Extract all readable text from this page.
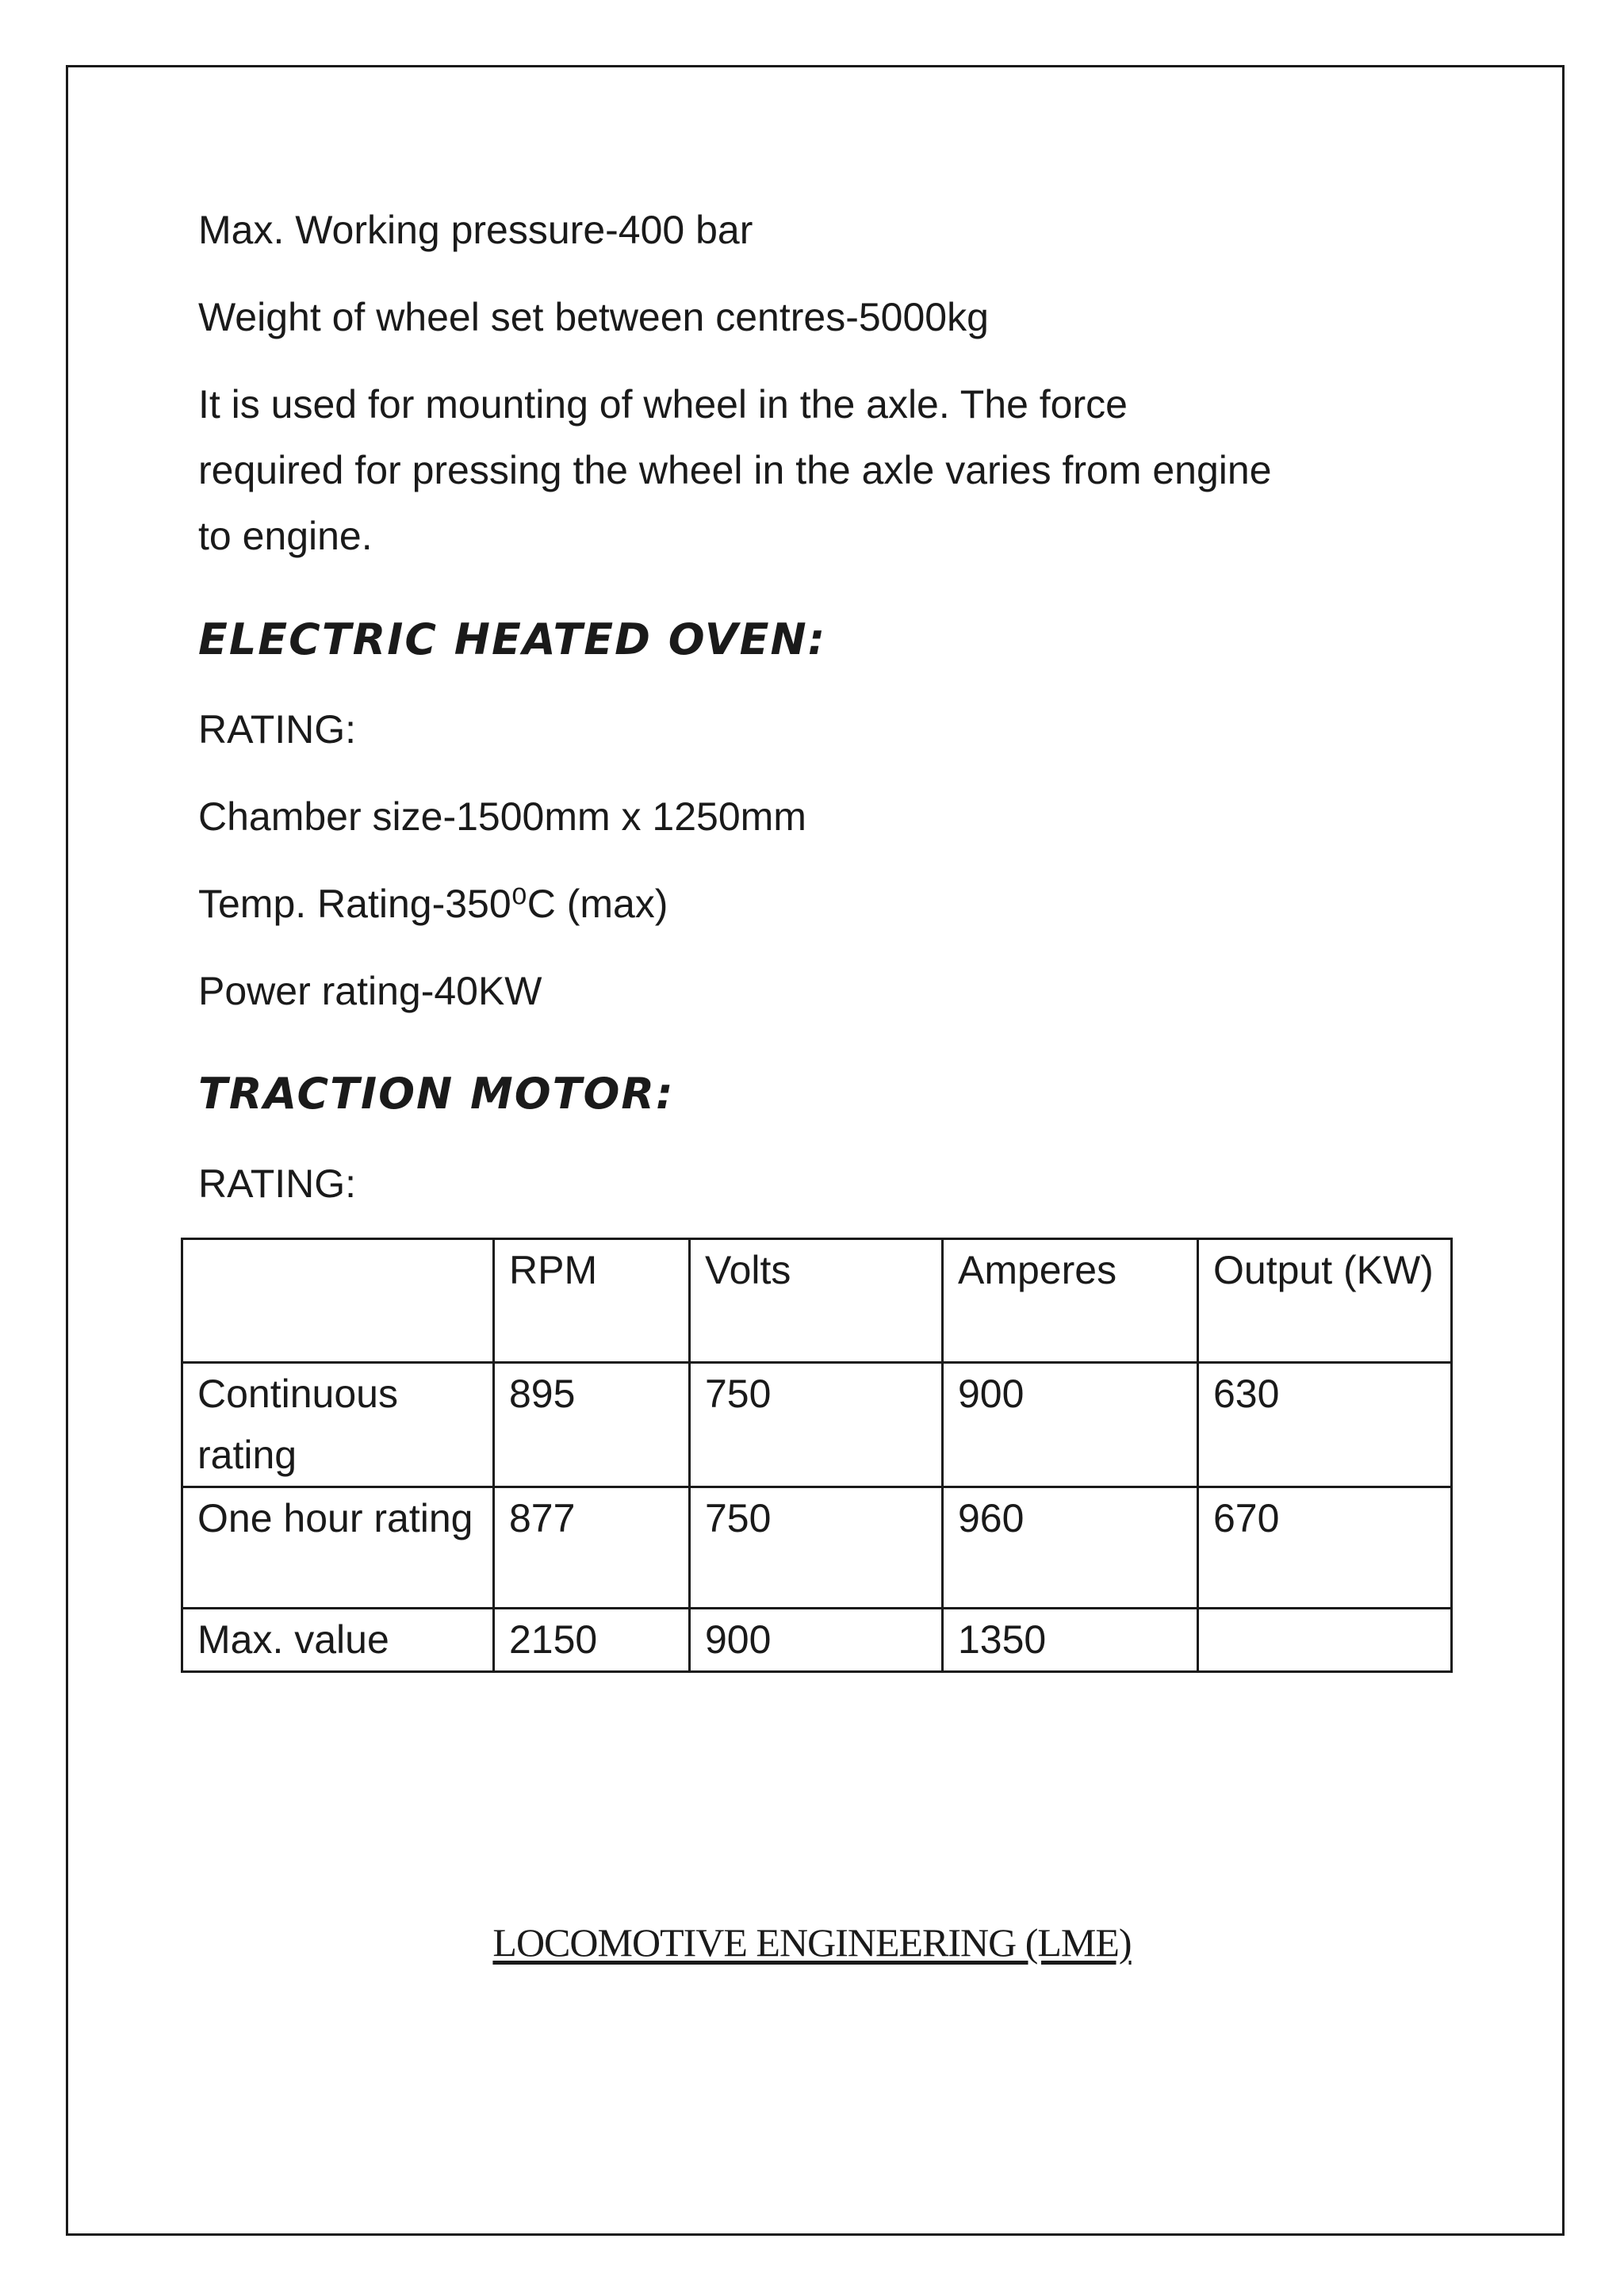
Max. Working pressure-400 bar
Weight of wheel set between centres-5000kg
It is used for mounting of wheel in the axle. The force
required for pressing the wheel in the axle varies from engine
to engine.
ELECTRIC HEATED OVEN:
RATING:
Chamber size-1500mm x 1250mm
Temp. Rating-350⁰C (max)
Power rating-40KW
TRACTION MOTOR:
RATING:
	RPM	Volts	Amperes	Output (KW)
Continuous rating	895	750	900	630
One hour rating	877	750	960	670
Max. value	2150	900	1350	
LOCOMOTIVE ENGINEERING (LME)
